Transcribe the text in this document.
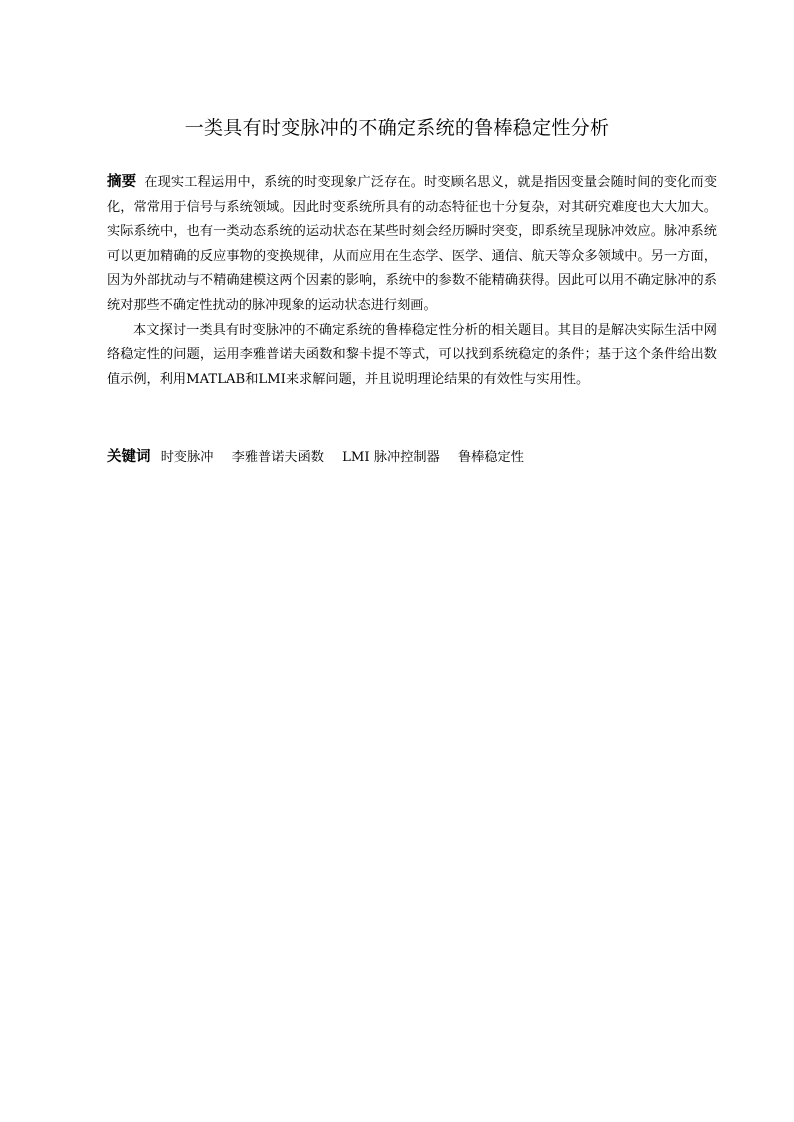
一类具有时变脉冲的不确定系统的鲁棒稳定性分析

摘要 在现实工程运用中，系统的时变现象广泛存在。时变顾名思义，就是指因变量会随时间的变化而变化，常常用于信号与系统领域。因此时变系统所具有的动态特征也十分复杂，对其研究难度也大大加大。实际系统中，也有一类动态系统的运动状态在某些时刻会经历瞬时突变，即系统呈现脉冲效应。脉冲系统可以更加精确的反应事物的变换规律，从而应用在生态学、医学、通信、航天等众多领域中。另一方面，因为外部扰动与不精确建模这两个因素的影响，系统中的参数不能精确获得。因此可以用不确定脉冲的系统对那些不确定性扰动的脉冲现象的运动状态进行刻画。

本文探讨一类具有时变脉冲的不确定系统的鲁棒稳定性分析的相关题目。其目的是解决实际生活中网络稳定性的问题，运用李雅普诺夫函数和黎卡提不等式，可以找到系统稳定的条件；基于这个条件给出数值示例，利用MATLAB和LMI来求解问题，并且说明理论结果的有效性与实用性。

关键词 时变脉冲 李雅普诺夫函数 LMI 脉冲控制器 鲁棒稳定性
